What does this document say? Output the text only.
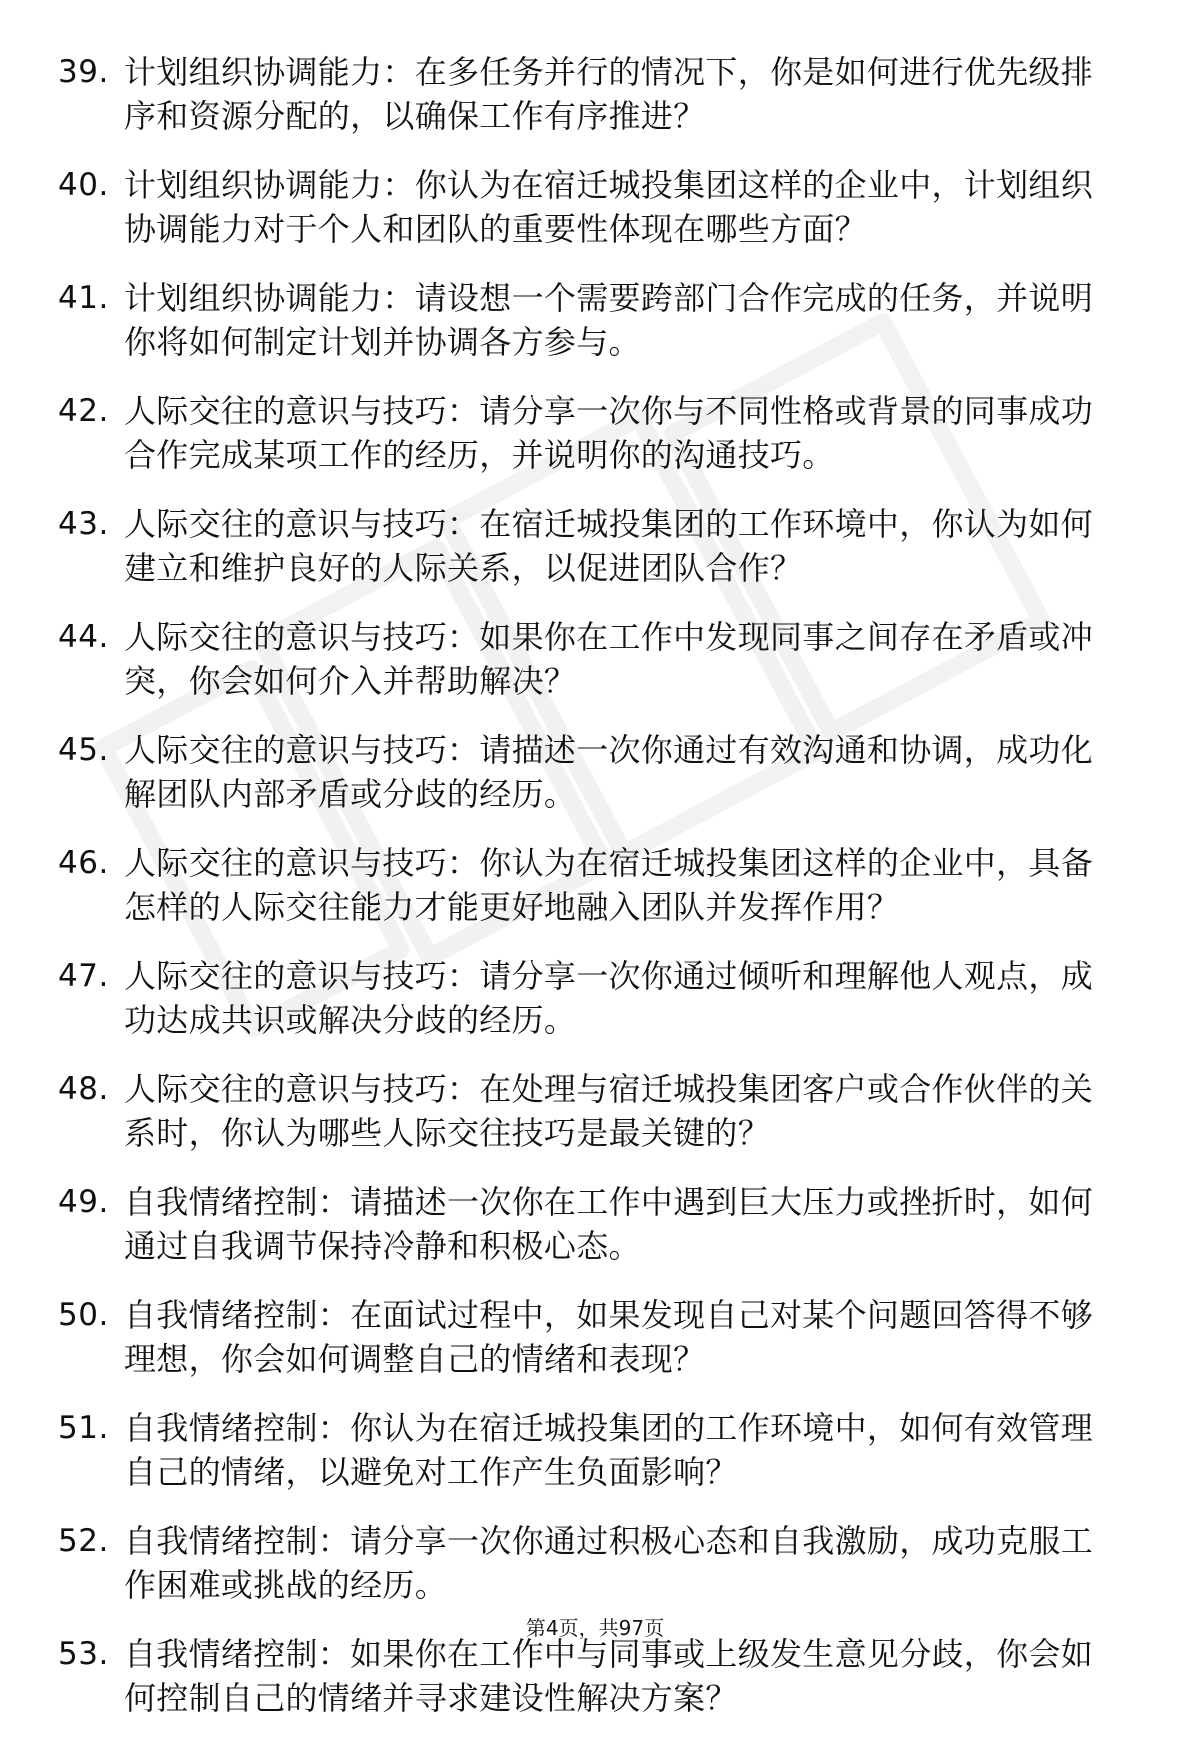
39. 计划组织协调能力：在多任务并行的情况下，你是如何进行优先级排序和资源分配的，以确保工作有序推进？
40. 计划组织协调能力：你认为在宿迁城投集团这样的企业中，计划组织协调能力对于个人和团队的重要性体现在哪些方面？
41. 计划组织协调能力：请设想一个需要跨部门合作完成的任务，并说明你将如何制定计划并协调各方参与。
42. 人际交往的意识与技巧：请分享一次你与不同性格或背景的同事成功合作完成某项工作的经历，并说明你的沟通技巧。
43. 人际交往的意识与技巧：在宿迁城投集团的工作环境中，你认为如何建立和维护良好的人际关系，以促进团队合作？
44. 人际交往的意识与技巧：如果你在工作中发现同事之间存在矛盾或冲突，你会如何介入并帮助解决？
45. 人际交往的意识与技巧：请描述一次你通过有效沟通和协调，成功化解团队内部矛盾或分歧的经历。
46. 人际交往的意识与技巧：你认为在宿迁城投集团这样的企业中，具备怎样的人际交往能力才能更好地融入团队并发挥作用？
47. 人际交往的意识与技巧：请分享一次你通过倾听和理解他人观点，成功达成共识或解决分歧的经历。
48. 人际交往的意识与技巧：在处理与宿迁城投集团客户或合作伙伴的关系时，你认为哪些人际交往技巧是最关键的？
49. 自我情绪控制：请描述一次你在工作中遇到巨大压力或挫折时，如何通过自我调节保持冷静和积极心态。
50. 自我情绪控制：在面试过程中，如果发现自己对某个问题回答得不够理想，你会如何调整自己的情绪和表现？
51. 自我情绪控制：你认为在宿迁城投集团的工作环境中，如何有效管理自己的情绪，以避免对工作产生负面影响？
52. 自我情绪控制：请分享一次你通过积极心态和自我激励，成功克服工作困难或挑战的经历。
53. 自我情绪控制：如果你在工作中与同事或上级发生意见分歧，你会如何控制自己的情绪并寻求建设性解决方案？
第4页，共97页
